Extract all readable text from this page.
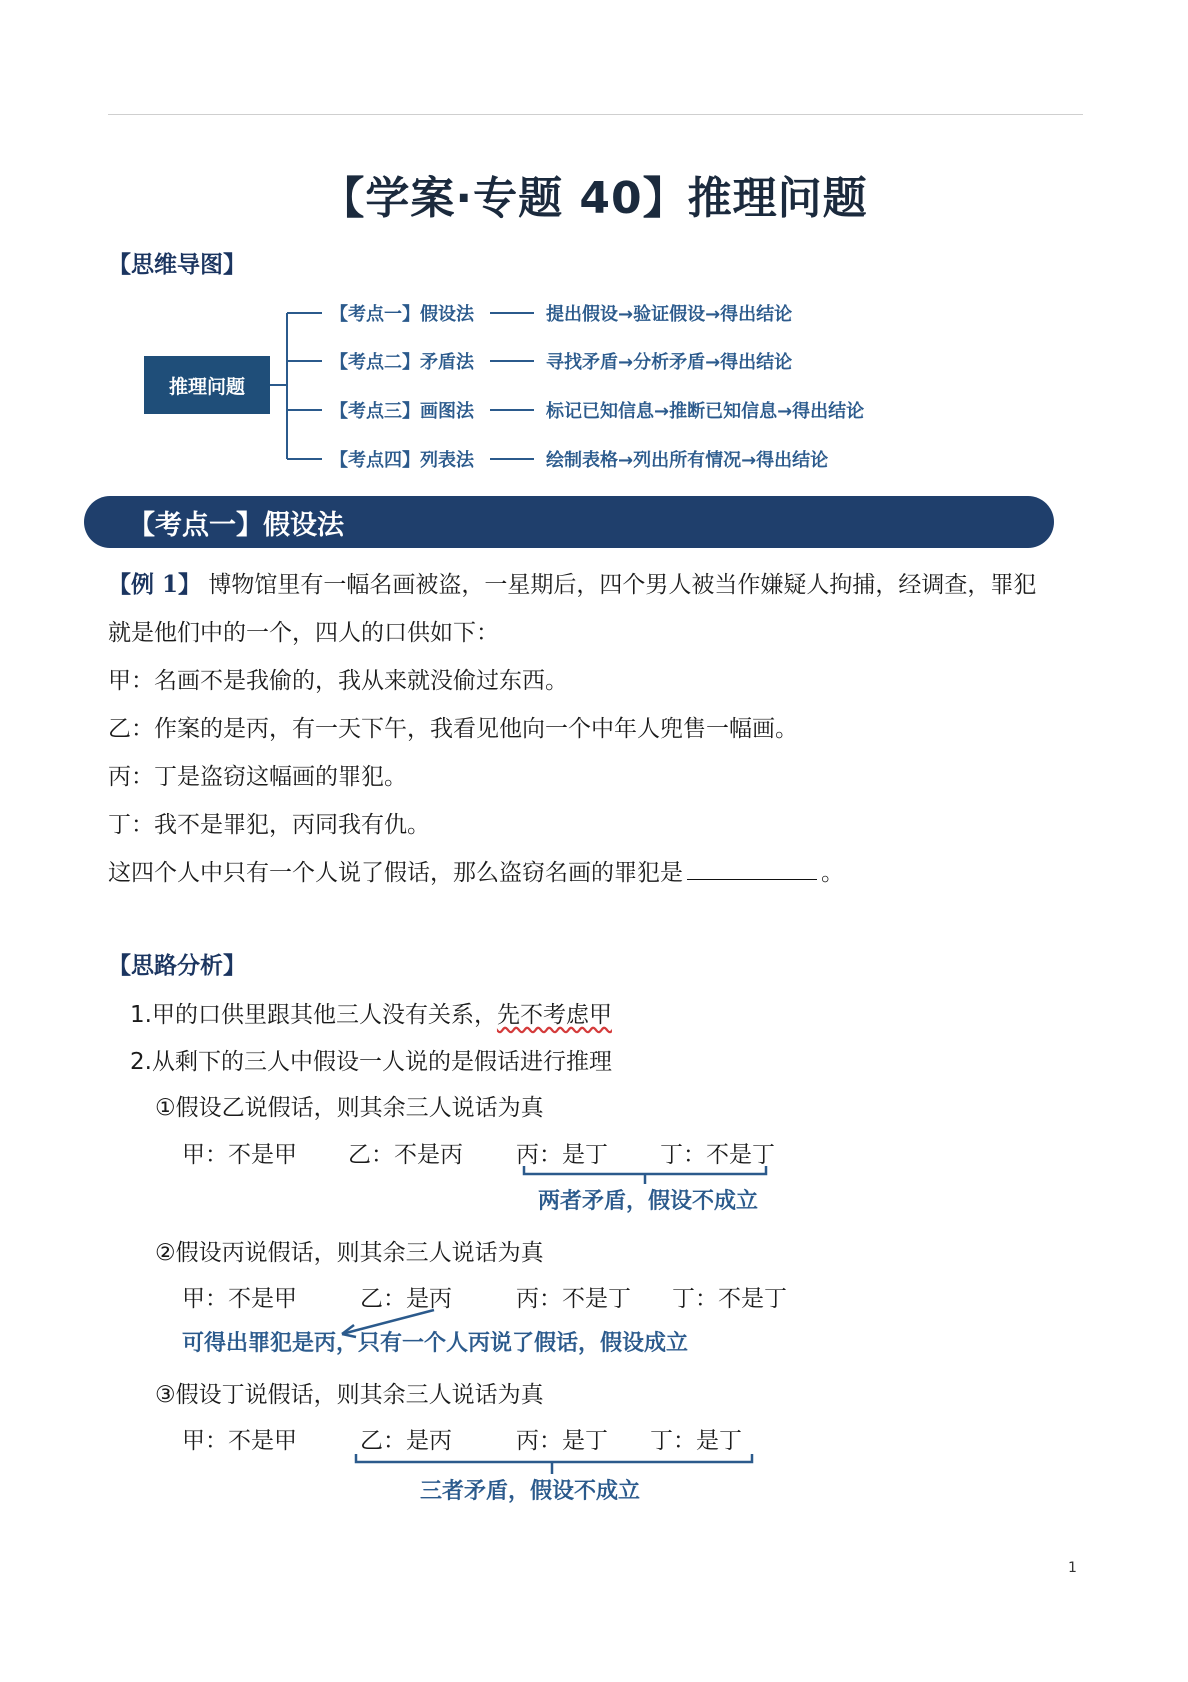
【学案·专题 40】推理问题
【思维导图】
推理问题
【考点一】假设法	提出假设→验证假设→得出结论
【考点二】矛盾法	寻找矛盾→分析矛盾→得出结论
【考点三】画图法	标记已知信息→推断已知信息→得出结论
【考点四】列表法	绘制表格→列出所有情况→得出结论
【考点一】假设法
【例 1】 博物馆里有一幅名画被盗，一星期后，四个男人被当作嫌疑人拘捕，经调查，罪犯
就是他们中的一个，四人的口供如下：
甲：名画不是我偷的，我从来就没偷过东西。
乙：作案的是丙，有一天下午，我看见他向一个中年人兜售一幅画。
丙：丁是盗窃这幅画的罪犯。
丁：我不是罪犯，丙同我有仇。
这四个人中只有一个人说了假话，那么盗窃名画的罪犯是	。
【思路分析】
1.甲的口供里跟其他三人没有关系，先不考虑甲
2.从剩下的三人中假设一人说的是假话进行推理
①假设乙说假话，则其余三人说话为真
甲：不是甲 乙：不是丙 丙：是丁 丁：不是丁
两者矛盾，假设不成立
②假设丙说假话，则其余三人说话为真
甲：不是甲	乙：是丙	丙：不是丁 丁：不是丁
可得出罪犯是丙，只有一个人丙说了假话，假设成立
③假设丁说假话，则其余三人说话为真
甲：不是甲	乙：是丙	丙：是丁 丁：是丁
三者矛盾，假设不成立
1
